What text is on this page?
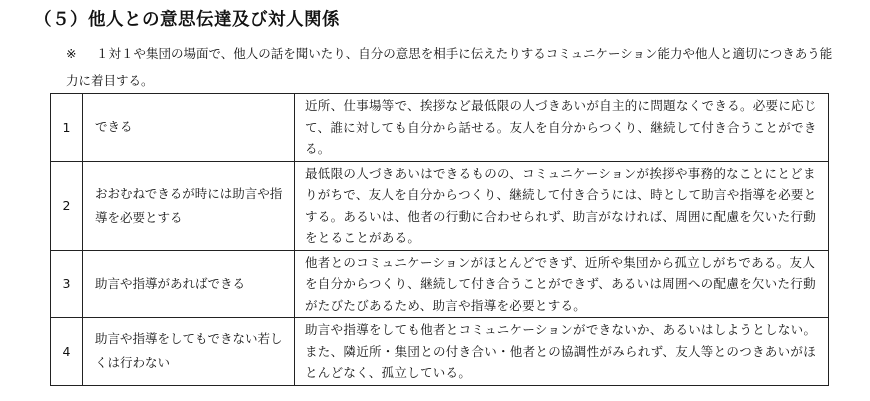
（５）他人との意思伝達及び対人関係
※ １対１や集団の場面で、他人の話を聞いたり、自分の意思を相手に伝えたりするコミュニケーション能力や他人と適切につきあう能力に着目する。
1	できる	近所、仕事場等で、挨拶など最低限の人づきあいが自主的に問題なくできる。必要に応じて、誰に対しても自分から話せる。友人を自分からつくり、継続して付き合うことができる。
2	おおむねできるが時には助言や指導を必要とする	最低限の人づきあいはできるものの、コミュニケーションが挨拶や事務的なことにとどまりがちで、友人を自分からつくり、継続して付き合うには、時として助言や指導を必要とする。あるいは、他者の行動に合わせられず、助言がなければ、周囲に配慮を欠いた行動をとることがある。
3	助言や指導があればできる	他者とのコミュニケーションがほとんどできず、近所や集団から孤立しがちである。友人を自分からつくり、継続して付き合うことができず、あるいは周囲への配慮を欠いた行動がたびたびあるため、助言や指導を必要とする。
4	助言や指導をしてもできない若しくは行わない	助言や指導をしても他者とコミュニケーションができないか、あるいはしようとしない。また、隣近所・集団との付き合い・他者との協調性がみられず、友人等とのつきあいがほとんどなく、孤立している。
